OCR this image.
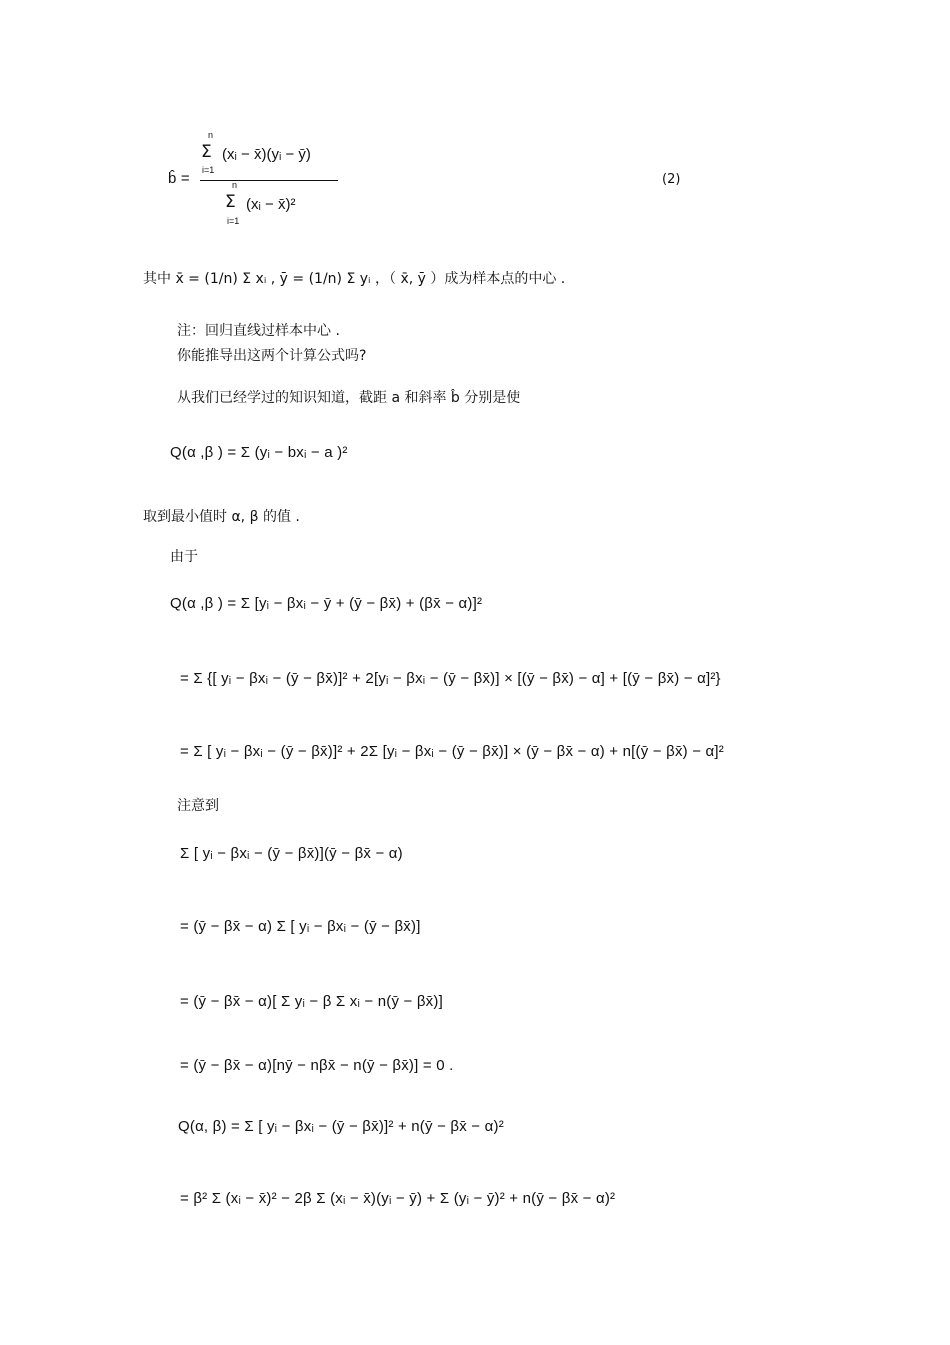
b̂ =
n
Σ
i=1
(xᵢ − x̄)(yᵢ − ȳ)
n
Σ
i=1
(xᵢ − x̄)²
(2)
其中 x̄ = (1/n) Σ xᵢ , ȳ = (1/n) Σ yᵢ ，（ x̄, ȳ ）成为样本点的中心 .
注：回归直线过样本中心 .
你能推导出这两个计算公式吗?
从我们已经学过的知识知道，截距 a 和斜率 b̂ 分别是使
Q(α ,β ) = Σ (yᵢ − bxᵢ − a )²
取到最小值时 α, β 的值 .
由于
Q(α ,β ) = Σ [yᵢ − βxᵢ − ȳ + (ȳ − βx̄) + (βx̄ − α)]²
= Σ {[ yᵢ − βxᵢ − (ȳ − βx̄)]² + 2[yᵢ − βxᵢ − (ȳ − βx̄)] × [(ȳ − βx̄) − α] + [(ȳ − βx̄) − α]²}
= Σ [ yᵢ − βxᵢ − (ȳ − βx̄)]² + 2Σ [yᵢ − βxᵢ − (ȳ − βx̄)] × (ȳ − βx̄ − α) + n[(ȳ − βx̄) − α]²
注意到
Σ [ yᵢ − βxᵢ − (ȳ − βx̄)](ȳ − βx̄ − α)
= (ȳ − βx̄ − α) Σ [ yᵢ − βxᵢ − (ȳ − βx̄)]
= (ȳ − βx̄ − α)[ Σ yᵢ − β Σ xᵢ − n(ȳ − βx̄)]
= (ȳ − βx̄ − α)[nȳ − nβx̄ − n(ȳ − βx̄)] = 0 .
Q(α, β) = Σ [ yᵢ − βxᵢ − (ȳ − βx̄)]² + n(ȳ − βx̄ − α)²
= β² Σ (xᵢ − x̄)² − 2β Σ (xᵢ − x̄)(yᵢ − ȳ) + Σ (yᵢ − ȳ)² + n(ȳ − βx̄ − α)²
